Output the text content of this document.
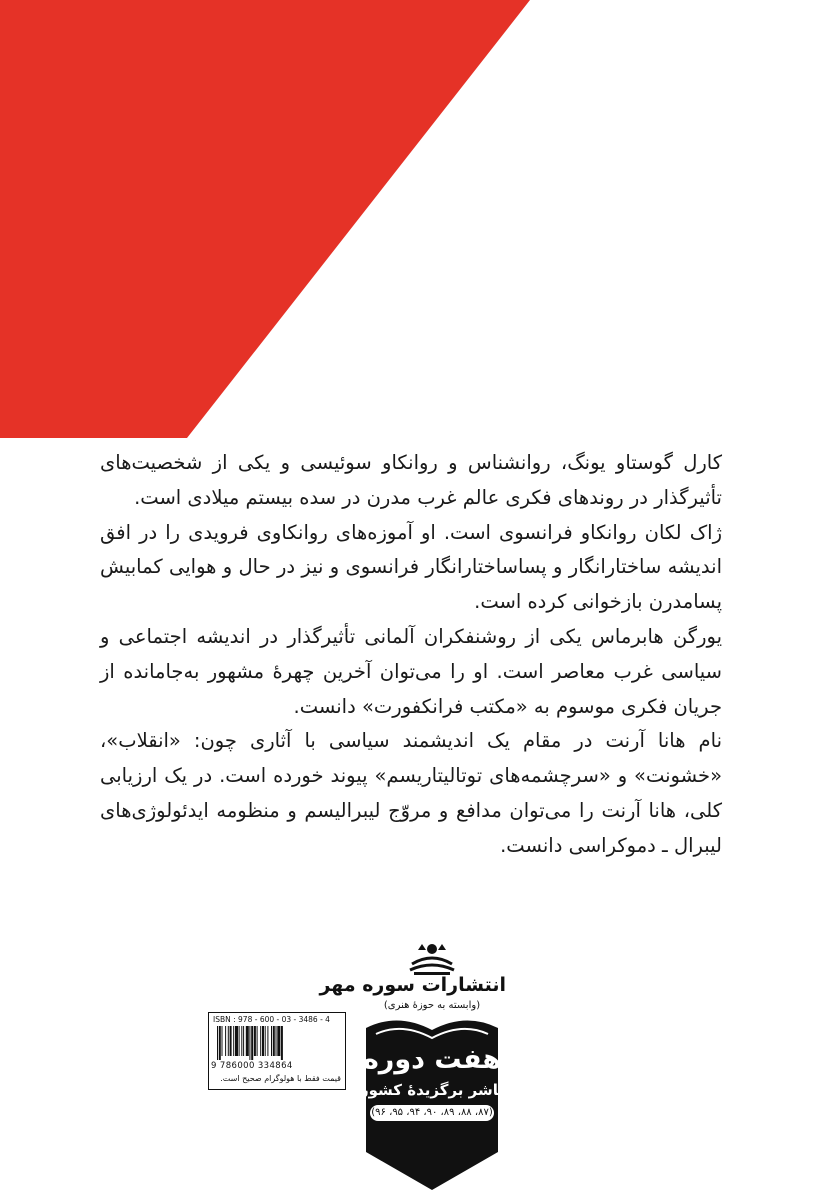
کارل گوستاو یونگ، روانشناس و روانکاو سوئیسی و یکی از شخصیت‌های تأثیرگذار در روندهای فکری عالم غرب مدرن در سده بیستم میلادی است.

ژاک لکان روانکاو فرانسوی است. او آموزه‌های روانکاوی فرویدی را در افق اندیشه ساختارانگار و پساساختارانگار فرانسوی و نیز در حال و هوایی کمابیش پسامدرن بازخوانی کرده است.

یورگن هابرماس یکی از روشنفکران آلمانی تأثیرگذار در اندیشه اجتماعی و سیاسی غرب معاصر است. او را می‌توان آخرین چهرهٔ مشهور به‌جامانده از جریان فکری موسوم به «مکتب فرانکفورت» دانست.

نام هانا آرنت در مقام یک اندیشمند سیاسی با آثاری چون: «انقلاب»، «خشونت» و «سرچشمه‌های توتالیتاریسم» پیوند خورده است. در یک ارزیابی کلی، هانا آرنت را می‌توان مدافع و مروّج لیبرالیسم و منظومه ایدئولوژی‌های لیبرال ـ دموکراسی دانست.

انتشارات سوره مهر
(وابسته به حوزهٔ هنری)
هفت دوره
ناشر برگزیدهٔ کشور
(۸۷، ۸۸، ۸۹، ۹۰، ۹۴، ۹۵، ۹۶)
ISBN : 978 - 600 - 03 - 3486 - 4
9 786000 334864
قیمت فقط با هولوگرام صحیح است.
